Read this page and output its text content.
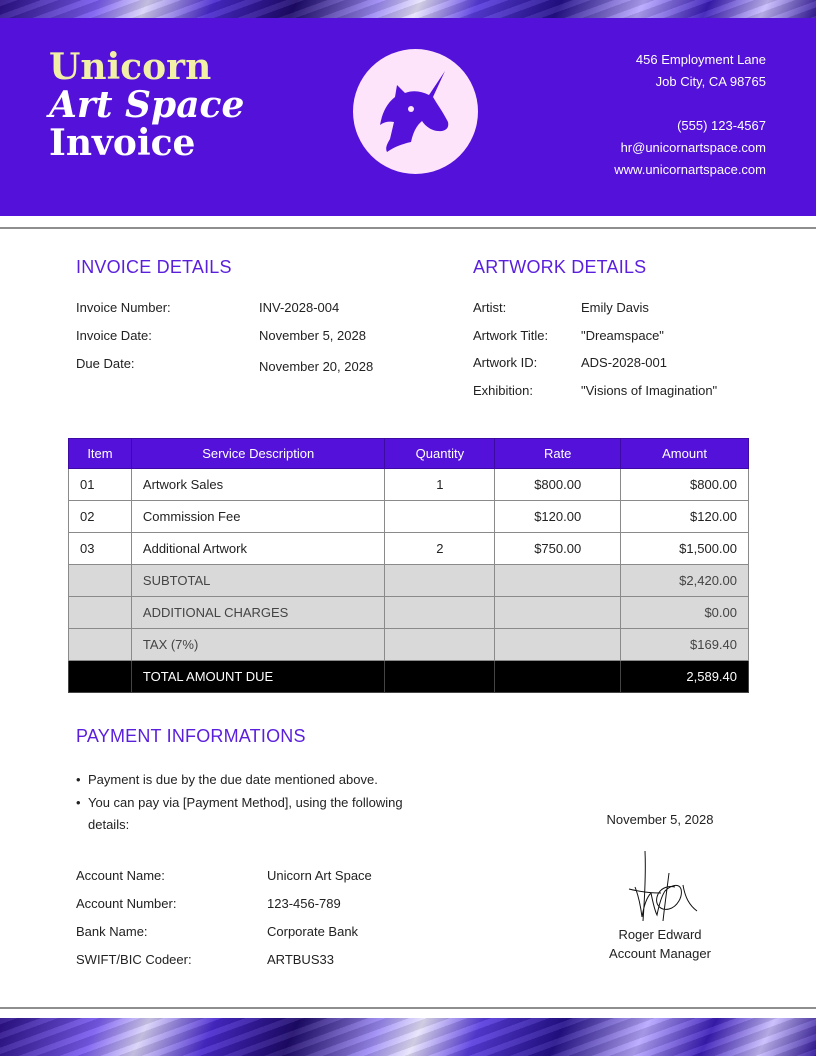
Unicorn
Art Space
Invoice
456 Employment Lane
Job City, CA 98765
(555) 123-4567
hr@unicornartspace.com
www.unicornartspace.com
INVOICE DETAILS
Invoice Number:	INV-2028-004
Invoice Date:	November 5, 2028
Due Date:	November 20, 2028
ARTWORK DETAILS
Artist:	Emily Davis
Artwork Title:	"Dreamspace"
Artwork ID:	ADS-2028-001
Exhibition:	"Visions of Imagination"
Item	Service Description	Quantity	Rate	Amount
01	Artwork Sales	1	$800.00	$800.00
02	Commission Fee		$120.00	$120.00
03	Additional Artwork	2	$750.00	$1,500.00
	SUBTOTAL			$2,420.00
	ADDITIONAL CHARGES			$0.00
	TAX (7%)			$169.40
	TOTAL AMOUNT DUE			2,589.40
PAYMENT INFORMATIONS
• Payment is due by the due date mentioned above.
• You can pay via [Payment Method], using the following details:
Account Name:	Unicorn Art Space
Account Number:	123-456-789
Bank Name:	Corporate Bank
SWIFT/BIC Codeer:	ARTBUS33
November 5, 2028
Roger Edward
Account Manager
